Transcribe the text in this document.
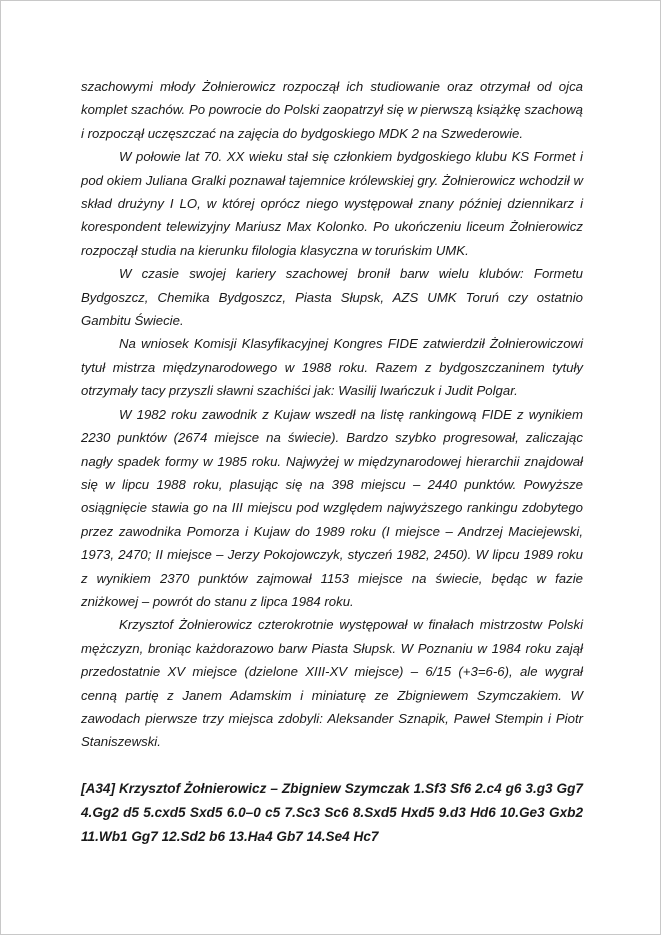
szachowymi młody Żołnierowicz rozpoczął ich studiowanie oraz otrzymał od ojca komplet szachów. Po powrocie do Polski zaopatrzył się w pierwszą książkę szachową i rozpoczął uczęszczać na zajęcia do bydgoskiego MDK 2 na Szwederowie.

W połowie lat 70. XX wieku stał się członkiem bydgoskiego klubu KS Formet i pod okiem Juliana Gralki poznawał tajemnice królewskiej gry. Żołnierowicz wchodził w skład drużyny I LO, w której oprócz niego występował znany później dziennikarz i korespondent telewizyjny Mariusz Max Kolonko. Po ukończeniu liceum Żołnierowicz rozpoczął studia na kierunku filologia klasyczna w toruńskim UMK.

W czasie swojej kariery szachowej bronił barw wielu klubów: Formetu Bydgoszcz, Chemika Bydgoszcz, Piasta Słupsk, AZS UMK Toruń czy ostatnio Gambitu Świecie.

Na wniosek Komisji Klasyfikacyjnej Kongres FIDE zatwierdził Żołnierowiczowi tytuł mistrza międzynarodowego w 1988 roku. Razem z bydgoszczaninem tytuły otrzymały tacy przyszli sławni szachiści jak: Wasilij Iwańczuk i Judit Polgar.

W 1982 roku zawodnik z Kujaw wszedł na listę rankingową FIDE z wynikiem 2230 punktów (2674 miejsce na świecie). Bardzo szybko progresował, zaliczając nagły spadek formy w 1985 roku. Najwyżej w międzynarodowej hierarchii znajdował się w lipcu 1988 roku, plasując się na 398 miejscu – 2440 punktów. Powyższe osiągnięcie stawia go na III miejscu pod względem najwyższego rankingu zdobytego przez zawodnika Pomorza i Kujaw do 1989 roku (I miejsce – Andrzej Maciejewski, 1973, 2470; II miejsce – Jerzy Pokojowczyk, styczeń 1982, 2450). W lipcu 1989 roku z wynikiem 2370 punktów zajmował 1153 miejsce na świecie, będąc w fazie zniżkowej – powrót do stanu z lipca 1984 roku.

Krzysztof Żołnierowicz czterokrotnie występował w finałach mistrzostw Polski mężczyzn, broniąc każdorazowo barw Piasta Słupsk. W Poznaniu w 1984 roku zajął przedostatnie XV miejsce (dzielone XIII-XV miejsce) – 6/15 (+3=6-6), ale wygrał cenną partię z Janem Adamskim i miniaturę ze Zbigniewem Szymczakiem. W zawodach pierwsze trzy miejsca zdobyli: Aleksander Sznapik, Paweł Stempin i Piotr Staniszewski.

[A34] Krzysztof Żołnierowicz – Zbigniew Szymczak 1.Sf3 Sf6 2.c4 g6 3.g3 Gg7 4.Gg2 d5 5.cxd5 Sxd5 6.0–0 c5 7.Sc3 Sc6 8.Sxd5 Hxd5 9.d3 Hd6 10.Ge3 Gxb2 11.Wb1 Gg7 12.Sd2 b6 13.Ha4 Gb7 14.Se4 Hc7
